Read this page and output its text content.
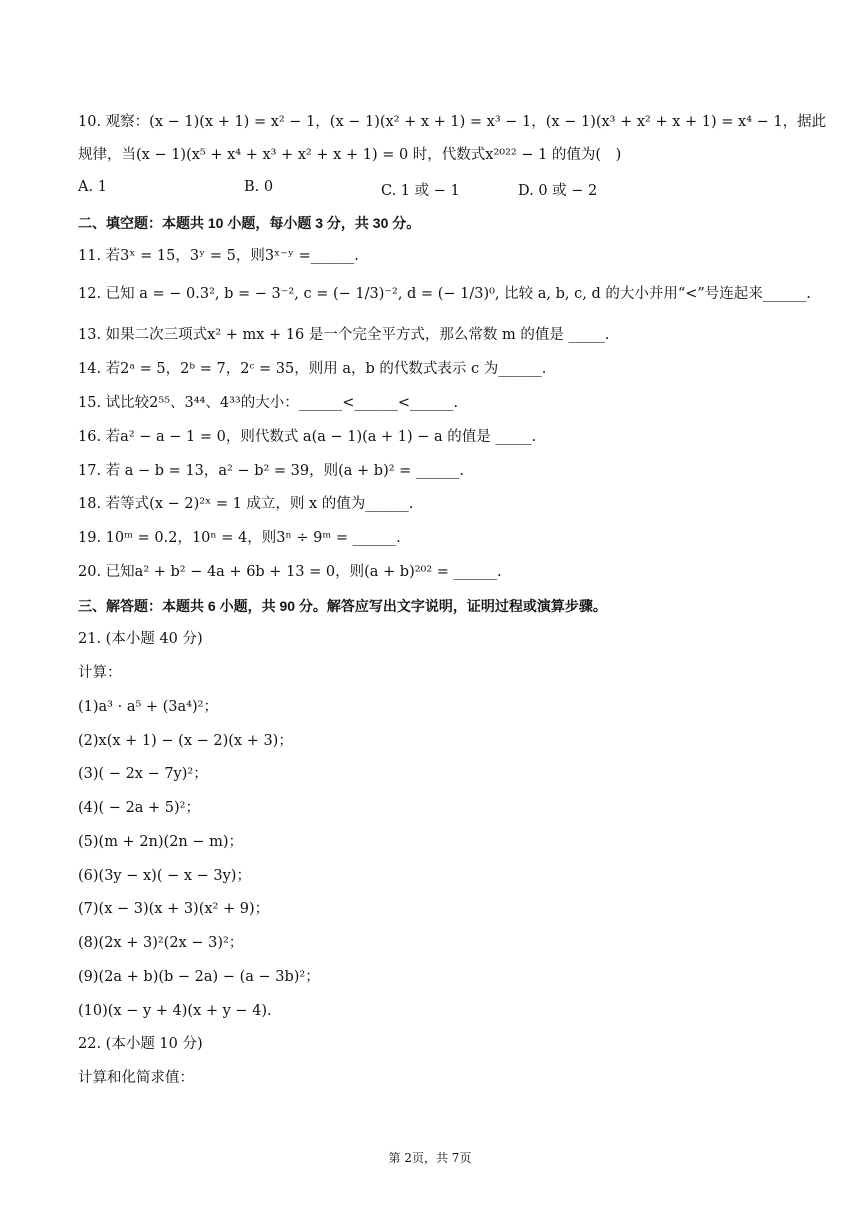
10. 观察：(x − 1)(x + 1) = x² − 1，(x − 1)(x² + x + 1) = x³ − 1，(x − 1)(x³ + x² + x + 1) = x⁴ − 1，据此
规律，当(x − 1)(x⁵ + x⁴ + x³ + x² + x + 1) = 0 时，代数式x²⁰²² − 1 的值为(　)
A. 1	B. 0	C. 1 或 − 1	D. 0 或 − 2
二、填空题：本题共 10 小题，每小题 3 分，共 30 分。
11. 若3ˣ = 15，3ʸ = 5，则3ˣ⁻ʸ =______.
12. 已知 a = − 0.3², b = − 3⁻², c = (− 1/3)⁻², d = (− 1/3)⁰, 比较 a, b, c, d 的大小并用“<”号连起来______.
13. 如果二次三项式x² + mx + 16 是一个完全平方式，那么常数 m 的值是 _____.
14. 若2ᵃ = 5，2ᵇ = 7，2ᶜ = 35，则用 a，b 的代数式表示 c 为______.
15. 试比较2⁵⁵、3⁴⁴、4³³的大小：______<______<______.
16. 若a² − a − 1 = 0，则代数式 a(a − 1)(a + 1) − a 的值是 _____.
17. 若 a − b = 13，a² − b² = 39，则(a + b)² = ______.
18. 若等式(x − 2)²ˣ = 1 成立，则 x 的值为______.
19. 10ᵐ = 0.2，10ⁿ = 4，则3ⁿ ÷ 9ᵐ = ______.
20. 已知a² + b² − 4a + 6b + 13 = 0，则(a + b)²⁰² = ______.
三、解答题：本题共 6 小题，共 90 分。解答应写出文字说明，证明过程或演算步骤。
21. (本小题 40 分)
计算：
(1)a³ · a⁵ + (3a⁴)²；
(2)x(x + 1) − (x − 2)(x + 3)；
(3)( − 2x − 7y)²；
(4)( − 2a + 5)²；
(5)(m + 2n)(2n − m)；
(6)(3y − x)( − x − 3y)；
(7)(x − 3)(x + 3)(x² + 9)；
(8)(2x + 3)²(2x − 3)²；
(9)(2a + b)(b − 2a) − (a − 3b)²；
(10)(x − y + 4)(x + y − 4).
22. (本小题 10 分)
计算和化简求值：
第 2页，共 7页
